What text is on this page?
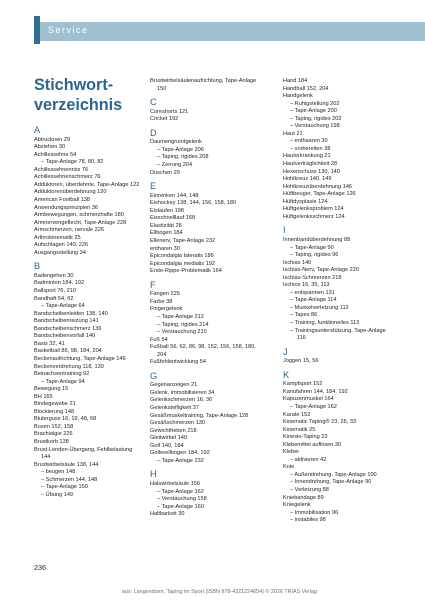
Service
Stichwort-verzeichnis
A
Abtrucknen 29
Abziehen 30
Achillessehne 54
– Tape-Anlage 78, 80, 82
Achillessehnenriss 76
Achillessehnenschmerz 76
Adduktoren, überdehnte, Tape-Anlage 122
Adduktorenüberdehnung 120
American Football 138
Anwendungsprinzipien 36
Armbewegungen, schmerzhafte 180
Armnervengeflecht, Tape-Anlage 228
Armschmerzen, nervale 226
Arthrokinematik 25
Aufschlagen 140, 226
Ausgangsstellung 34
B
Badengehen 30
Badminton 184, 192
Ballsport 76, 210
Bandhaft 54, 62
– Tape-Anlage 64
Bandscheibenleiden 138, 140
Bandscheibenreizung 141
Bandscheibenschmerz 136
Bandscheibenvorfall 140
Basis 32, 41
Basketball 86, 98, 184, 204
Beckenaufrichtung, Tape-Anlage 146
Beckenverdrehung 118, 130
Beinachsentraining 92
– Tape-Anlage 94
Bewegung 15
BH 165
Bindegewebe 21
Blockierung 148
Bluterguss 16, 19, 48, 68
Boxen 152, 158
Brachialgie 226
Brustkorb 138
Brust-Lenden-Übergang, Fehlbelastung 144
Brustwirbelsäule 138, 144
– beugen 148
– Schmerzen 144, 148
– Tape-Anlage 150
– Übung 149
Brustwirbelsäulenaufrichtung, Tape-Anlage 150
C
Coreshorts 121
Cricket 192
D
Daumengrundgelenk
– Tape-Anlage 206
– Taping, rigides 208
– Zerrung 204
Duschen 29
E
Einrenken 144, 148
Eishockey 138, 144, 156, 158, 180
Eislaufen 198
Eisschnelllauf 168
Elastizität 28
Ellbogen 184
Ellenerv, Tape-Anlage 232
entharen 30
Epicondalgia lateralis 186
Epicondalgia medialis 192
Erste-Rippe-Problematik 164
F
Fangen 226
Farbe 38
Fingergelenk
– Tape-Anlage 212
– Taping, rigides 214
– Verstauchung 210
Fuß 54
Fußball 56, 62, 86, 98, 152, 156, 158, 180, 204
Fußfehlentwicklung 54
G
Gegenanzeigen 21
Gelenk, immobilisieren 34
Gelenkschmerzen 16, 36
Gelenksteifigkeit 37
Gesäßmuskeltraining, Tape-Anlage 128
Gesäßschmerzen 130
Gewichtheben 218
Gleitwirbel 140
Golf 140, 184
Golferellbogen 184, 192
– Tape-Anlage 232
H
Halswirbelsäule 156
– Tape-Anlage 162
– Verstauchung 158
– Tape-Anlage 160
Haltbarkeit 30
Hand 184
Handball 152, 204
Handgelenk
– Ruhigstellung 202
– Tape-Anlage 200
– Taping, rigides 202
– Verstauchung 198
Haut 21
– enthaaren 30
– vorbereiten 38
Hauterkrankung 21
Hautverträglichkeit 28
Hexenschuss 130, 140
Hohlkreuz 140, 149
Hohlkreuzüberdehnung 146
Hüftbeuger, Tape-Anlage 126
Hüftdysplasie 124
Hüftgelenksproblem 124
Hüftgelenksschmerz 124
I
Innenbandüberdehnung 88
– Tape-Anlage 90
– Taping, rigides 96
Ischias 140
Ischias-Nerv, Tape-Anlage 220
Ischias-Schmerzen 218
Ischios 16, 35, 113
– entspannen 131
– Tape-Anlage 114
– Muskelverletzung 112
– Tapes 86
– Training, funktionelles 113
– Trainingsunterstützung, Tape-Anlage 116
J
Joggen 15, 56
K
Kampfsport 152
Kanufahren 144, 184, 192
Kapuzenmuskel 164
– Tape-Anlage 162
Karate 152
Kinematic Taping® 23, 26, 33
Kinematik 25
Kinesio-Taping 23
Klebemittel auflösen 30
Kleber
– aktivieren 42
Knie
– Außendrehung, Tape-Anlage 100
– Innendrehung, Tape-Anlage 90
– Verletzung 88
Kniebandage 89
Kniegelenk
– Immobilisation 96
– instabiles 98
236
aus: Langendoen, Taping im Sport (ISBN 978-4321224654) © 2026 TRIAS Verlag
